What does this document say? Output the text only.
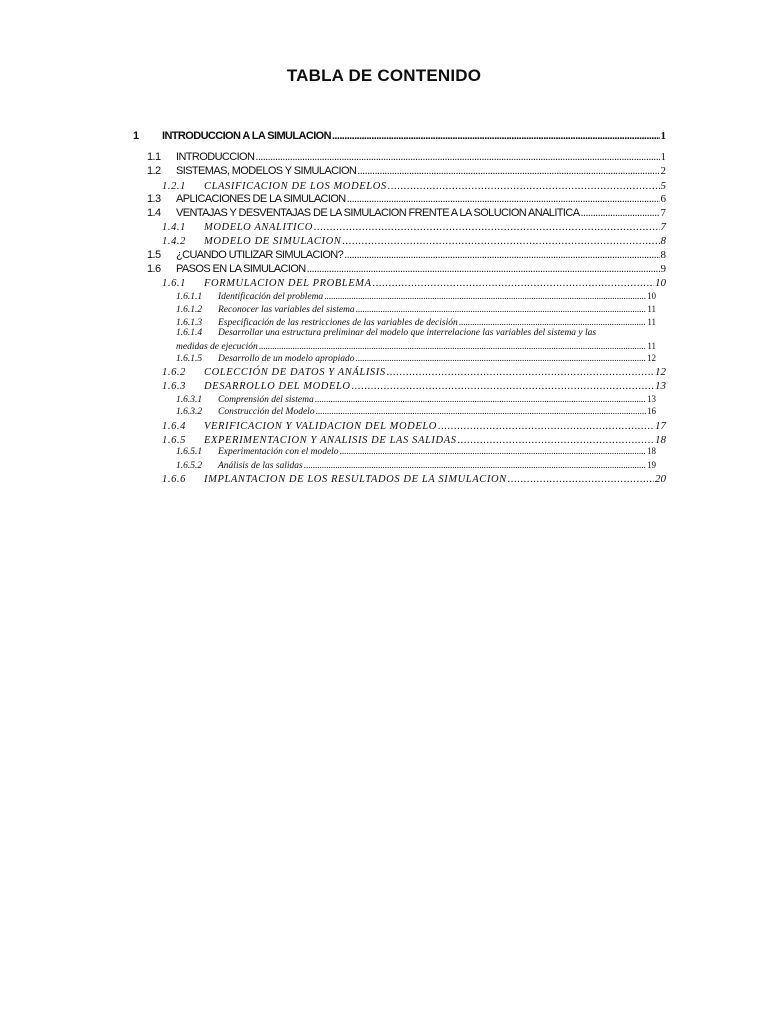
TABLA DE CONTENIDO
1	INTRODUCCION A LA SIMULACION .....	1
1.1	INTRODUCCION .....	1
1.2	SISTEMAS, MODELOS Y SIMULACION .....	2
1.2.1	CLASIFICACION DE LOS MODELOS .....	5
1.3	APLICACIONES DE LA SIMULACION .....	6
1.4	VENTAJAS Y DESVENTAJAS DE LA SIMULACION FRENTE A LA SOLUCION ANALITICA .....	7
1.4.1	MODELO ANALITICO .....	7
1.4.2	MODELO DE SIMULACION .....	8
1.5	¿CUANDO UTILIZAR SIMULACION? .....	8
1.6	PASOS EN LA SIMULACION .....	9
1.6.1	FORMULACION DEL PROBLEMA .....	10
1.6.1.1	Identificación del problema .....	10
1.6.1.2	Reconocer las variables del sistema .....	11
1.6.1.3	Especificación de las restricciones de las variables de decisión .....	11
1.6.1.4	Desarrollar una estructura preliminar del modelo que interrelacione las variables del sistema y las
medidas de ejecución .....	11
1.6.1.5	Desarrollo de un modelo apropiado .....	12
1.6.2	COLECCIÓN DE DATOS Y ANÁLISIS .....	12
1.6.3	DESARROLLO DEL MODELO .....	13
1.6.3.1	Comprensión del sistema .....	13
1.6.3.2	Construcción del Modelo .....	16
1.6.4	VERIFICACION Y VALIDACION DEL MODELO .....	17
1.6.5	EXPERIMENTACION Y ANALISIS DE LAS SALIDAS .....	18
1.6.5.1	Experimentación con el modelo .....	18
1.6.5.2	Análisis de las salidas .....	19
1.6.6	IMPLANTACION DE LOS RESULTADOS DE LA SIMULACION .....	20
